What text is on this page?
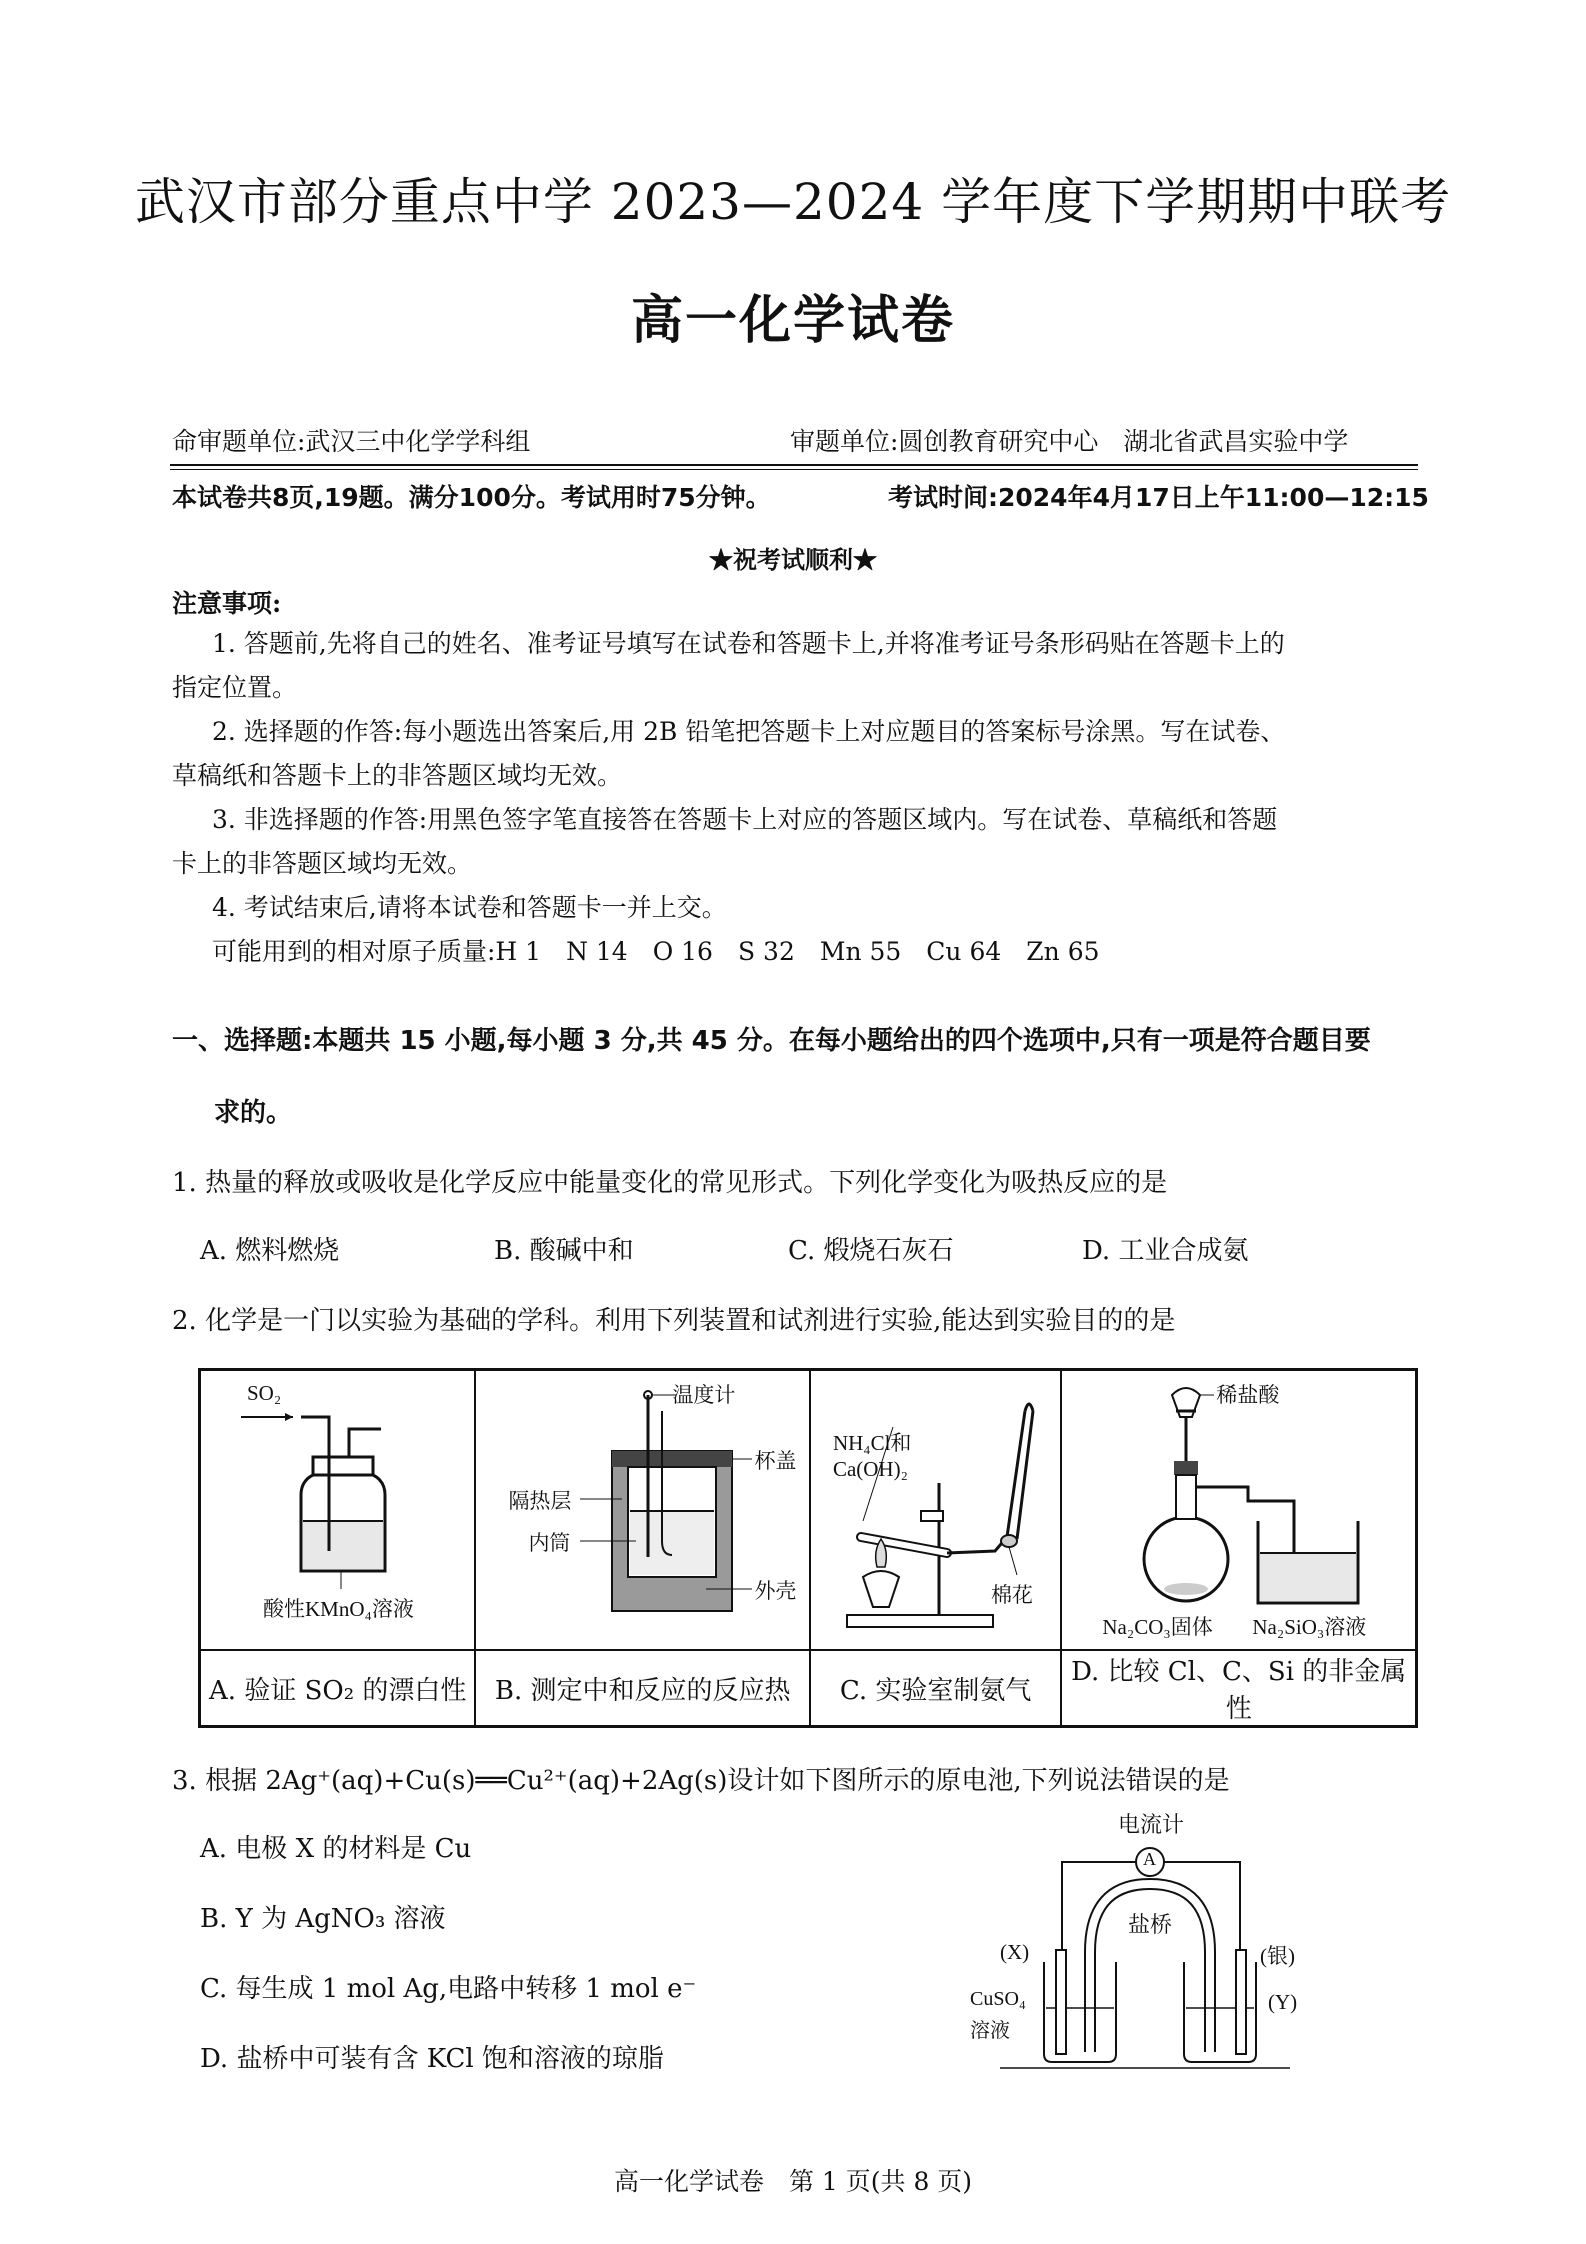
武汉市部分重点中学 2023—2024 学年度下学期期中联考
高一化学试卷
命审题单位:武汉三中化学学科组	审题单位:圆创教育研究中心　湖北省武昌实验中学
本试卷共8页,19题。满分100分。考试用时75分钟。	考试时间:2024年4月17日上午11:00—12:15
★祝考试顺利★
注意事项:
1. 答题前,先将自己的姓名、准考证号填写在试卷和答题卡上,并将准考证号条形码贴在答题卡上的
指定位置。
2. 选择题的作答:每小题选出答案后,用 2B 铅笔把答题卡上对应题目的答案标号涂黑。写在试卷、
草稿纸和答题卡上的非答题区域均无效。
3. 非选择题的作答:用黑色签字笔直接答在答题卡上对应的答题区域内。写在试卷、草稿纸和答题
卡上的非答题区域均无效。
4. 考试结束后,请将本试卷和答题卡一并上交。
可能用到的相对原子质量:H 1　N 14　O 16　S 32　Mn 55　Cu 64　Zn 65
一、选择题:本题共 15 小题,每小题 3 分,共 45 分。在每小题给出的四个选项中,只有一项是符合题目要
求的。
1. 热量的释放或吸收是化学反应中能量变化的常见形式。下列化学变化为吸热反应的是
A. 燃料燃烧	B. 酸碱中和	C. 煅烧石灰石	D. 工业合成氨
2. 化学是一门以实验为基础的学科。利用下列装置和试剂进行实验,能达到实验目的的是
SO₂
酸性KMnO₄溶液	温度计
杯盖
隔热层
内筒
外壳	NH₄Cl和
Ca(OH)₂
棉花	稀盐酸
Na₂CO₃固体 Na₂SiO₃溶液

A. 验证 SO₂ 的漂白性	B. 测定中和反应的反应热	C. 实验室制氨气	D. 比较 Cl、C、Si 的非金属性
3. 根据 2Ag⁺(aq)+Cu(s)══Cu²⁺(aq)+2Ag(s)设计如下图所示的原电池,下列说法错误的是
A. 电极 X 的材料是 Cu
B. Y 为 AgNO₃ 溶液
C. 每生成 1 mol Ag,电路中转移 1 mol e⁻
D. 盐桥中可装有含 KCl 饱和溶液的琼脂
电流计
A
盐桥
(X)	(银)
(Y)
CuSO₄
溶液
高一化学试卷　第 1 页(共 8 页)
